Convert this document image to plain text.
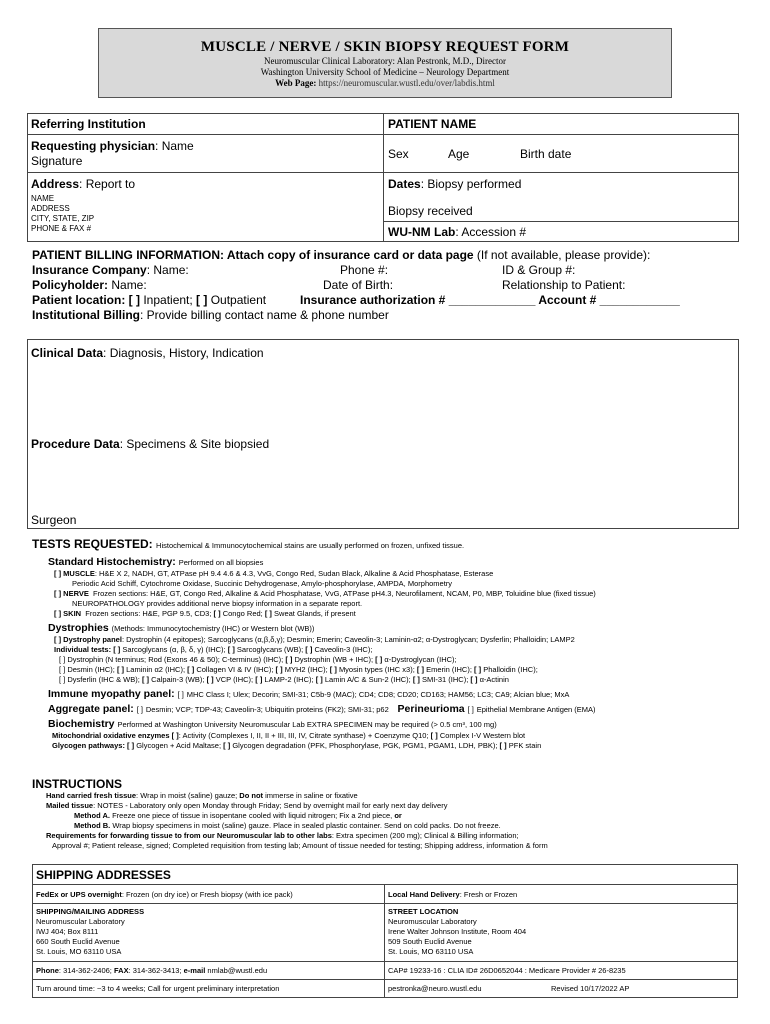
MUSCLE / NERVE / SKIN BIOPSY REQUEST FORM
Neuromuscular Clinical Laboratory: Alan Pestronk, M.D., Director
Washington University School of Medicine – Neurology Department
Web Page: https://neuromuscular.wustl.edu/over/labdis.html
Referring Institution	PATIENT NAME
Requesting physician: Name
Signature	Sex	Age	Birth date
Address: Report to
NAME
ADDRESS
CITY, STATE, ZIP
PHONE & FAX #
Dates: Biopsy performed
Biopsy received
WU-NM Lab: Accession #
PATIENT BILLING INFORMATION: Attach copy of insurance card or data page (If not available, please provide):
Insurance Company: Name:	Phone #:	ID & Group #:
Policyholder: Name:	Date of Birth:	Relationship to Patient:
Patient location: [ ] Inpatient; [ ] Outpatient	Insurance authorization # _____________ Account # ____________
Institutional Billing: Provide billing contact name & phone number
Clinical Data: Diagnosis, History, Indication
Procedure Data: Specimens & Site biopsied
Surgeon
TESTS REQUESTED: Histochemical & Immunocytochemical stains are usually performed on frozen, unfixed tissue.
Standard Histochemistry: Performed on all biopsies
[ ] MUSCLE: H&E X 2, NADH, GT, ATPase pH 9.4 4.6 & 4.3, VvG, Congo Red, Sudan Black, Alkaline & Acid Phosphatase, Esterase
Periodic Acid Schiff, Cytochrome Oxidase, Succinic Dehydrogenase, Amylo-phosphorylase, AMPDA, Morphometry
[ ] NERVE Frozen sections: H&E, GT, Congo Red, Alkaline & Acid Phosphatase, VvG, ATPase pH4.3, Neurofilament, NCAM, P0, MBP, Toluidine blue (fixed tissue)
NEUROPATHOLOGY provides additional nerve biopsy information in a separate report.
[ ] SKIN Frozen sections: H&E, PGP 9.5, CD3; [ ] Congo Red; [ ] Sweat Glands, if present
Dystrophies (Methods: Immunocytochemistry (IHC) or Western blot (WB))
[ ] Dystrophy panel: Dystrophin (4 epitopes); Sarcoglycans (α,β,δ,γ); Desmin; Emerin; Caveolin-3; Laminin-α2; α-Dystroglycan; Dysferlin; Phalloidin; LAMP2
Individual tests: [ ] Sarcoglycans (α, β, δ, γ) (IHC); [ ] Sarcoglycans (WB); [ ] Caveolin-3 (IHC);
[ ] Dystrophin (N terminus; Rod (Exons 46 & 50); C-terminus) (IHC); [ ] Dystrophin (WB + IHC); [ ] α-Dystroglycan (IHC);
[ ] Desmin (IHC); [ ] Laminin α2 (IHC); [ ] Collagen VI & IV (IHC); [ ] MYH2 (IHC); [ ] Myosin types (IHC x3); [ ] Emerin (IHC); [ ] Phalloidin (IHC);
[ ] Dysferlin (IHC & WB); [ ] Calpain-3 (WB); [ ] VCP (IHC); [ ] LAMP-2 (IHC); [ ] Lamin A/C & Sun-2 (IHC); [ ] SMI-31 (IHC); [ ] α-Actinin
Immune myopathy panel: [ ] MHC Class I; Ulex; Decorin; SMI-31; C5b-9 (MAC); CD4; CD8; CD20; CD163; HAM56; LC3; CA9; Alcian blue; MxA
Aggregate panel: [ ] Desmin; VCP; TDP-43; Caveolin-3; Ubiquitin proteins (FK2); SMI-31; p62 Perineurioma [ ] Epithelial Membrane Antigen (EMA)
Biochemistry Performed at Washington University Neuromuscular Lab EXTRA SPECIMEN may be required (> 0.5 cm³, 100 mg)
Mitochondrial oxidative enzymes [ ]: Activity (Complexes I, II, II + III, III, IV, Citrate synthase) + Coenzyme Q10; [ ] Complex I-V Western blot
Glycogen pathways: [ ] Glycogen + Acid Maltase; [ ] Glycogen degradation (PFK, Phosphorylase, PGK, PGM1, PGAM1, LDH, PBK); [ ] PFK stain
INSTRUCTIONS
Hand carried fresh tissue: Wrap in moist (saline) gauze; Do not immerse in saline or fixative
Mailed tissue: NOTES - Laboratory only open Monday through Friday; Send by overnight mail for early next day delivery
Method A. Freeze one piece of tissue in isopentane cooled with liquid nitrogen; Fix a 2nd piece, or
Method B. Wrap biopsy specimens in moist (saline) gauze. Place in sealed plastic container. Send on cold packs. Do not freeze.
Requirements for forwarding tissue to from our Neuromuscular lab to other labs: Extra specimen (200 mg); Clinical & Billing information;
Approval #; Patient release, signed; Completed requisition from testing lab; Amount of tissue needed for testing; Shipping address, information & form
SHIPPING ADDRESSES
FedEx or UPS overnight: Frozen (on dry ice) or Fresh biopsy (with ice pack)	Local Hand Delivery: Fresh or Frozen
SHIPPING/MAILING ADDRESS
Neuromuscular Laboratory
IWJ 404; Box 8111
660 South Euclid Avenue
St. Louis, MO 63110 USA
STREET LOCATION
Neuromuscular Laboratory
Irene Walter Johnson Institute, Room 404
509 South Euclid Avenue
St. Louis, MO 63110 USA
Phone: 314-362-2406; FAX: 314-362-3413; e-mail nmlab@wustl.edu	CAP# 19233-16 : CLIA ID# 26D0652044 : Medicare Provider # 26-8235
Turn around time: ~3 to 4 weeks; Call for urgent preliminary interpretation	pestronkа@neuro.wustl.edu	Revised 10/17/2022 AP
